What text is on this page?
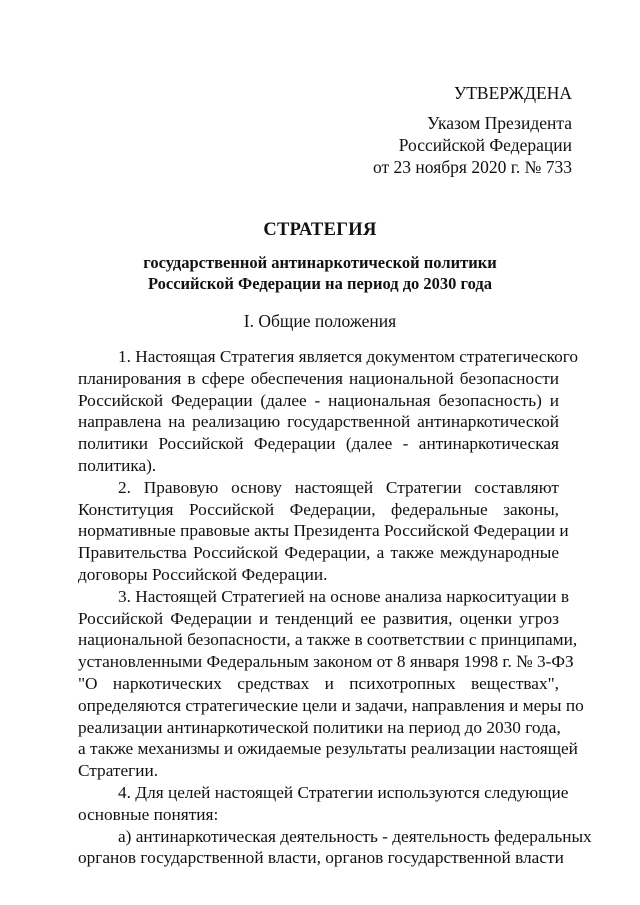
УТВЕРЖДЕНА
Указом Президента
Российской Федерации
от 23 ноября 2020 г. № 733
СТРАТЕГИЯ
государственной антинаркотической политики
Российской Федерации на период до 2030 года
I. Общие положения
1. Настоящая Стратегия является документом стратегического
планирования в сфере обеспечения национальной безопасности
Российской Федерации (далее - национальная безопасность) и
направлена на реализацию государственной антинаркотической
политики Российской Федерации (далее - антинаркотическая
политика).
2. Правовую основу настоящей Стратегии составляют
Конституция Российской Федерации, федеральные законы,
нормативные правовые акты Президента Российской Федерации и
Правительства Российской Федерации, а также международные
договоры Российской Федерации.
3. Настоящей Стратегией на основе анализа наркоситуации в
Российской Федерации и тенденций ее развития, оценки угроз
национальной безопасности, а также в соответствии с принципами,
установленными Федеральным законом от 8 января 1998 г. № 3-ФЗ
"О наркотических средствах и психотропных веществах",
определяются стратегические цели и задачи, направления и меры по
реализации антинаркотической политики на период до 2030 года,
а также механизмы и ожидаемые результаты реализации настоящей
Стратегии.
4. Для целей настоящей Стратегии используются следующие
основные понятия:
а) антинаркотическая деятельность - деятельность федеральных
органов государственной власти, органов государственной власти
